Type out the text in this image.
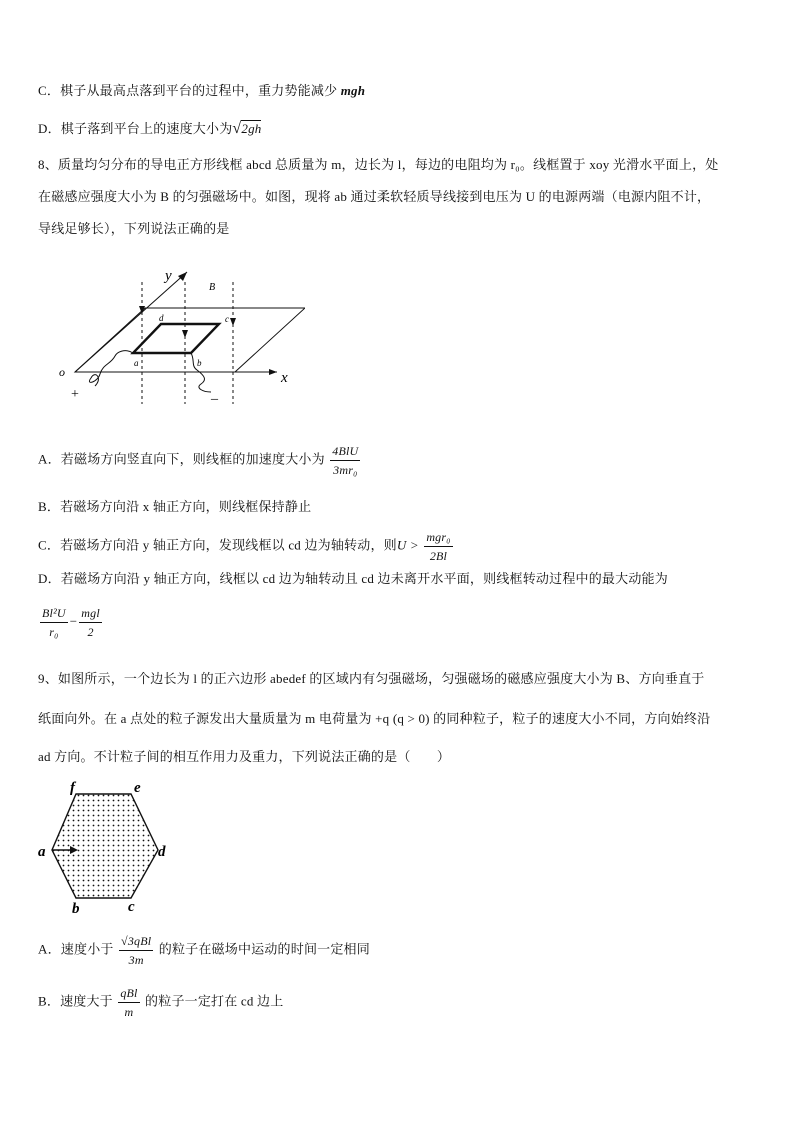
C．棋子从最高点落到平台的过程中，重力势能减少 mgh
D．棋子落到平台上的速度大小为√2gh
8、质量均匀分布的导电正方形线框 abcd 总质量为 m，边长为 l，每边的电阻均为 r₀。线框置于 xoy 光滑水平面上，处
在磁感应强度大小为 B 的匀强磁场中。如图，现将 ab 通过柔软轻质导线接到电压为 U 的电源两端（电源内阻不计，
导线足够长），下列说法正确的是
y
B
a	b
c
d
o	x
+	_
A．若磁场方向竖直向下，则线框的加速度大小为 $\frac{\text{4BlU}}{\text{3mr₀}}$
B．若磁场方向沿 x 轴正方向，则线框保持静止
C．若磁场方向沿 y 轴正方向，发现线框以 cd 边为轴转动，则$U > \frac{\text{mgr₀}}{2Bl}$
D．若磁场方向沿 y 轴正方向，线框以 cd 边为轴转动且 cd 边未离开水平面，则线框转动过程中的最大动能为
$\frac{\text{Bl²U}}{\text{r₀}} - \frac{\text{mgl}}{2}$
9、如图所示，一个边长为 l 的正六边形 abedef 的区域内有匀强磁场，匀强磁场的磁感应强度大小为 B、方向垂直于
纸面向外。在 a 点处的粒子源发出大量质量为 m 电荷量为 +q (q > 0) 的同种粒子，粒子的速度大小不同，方向始终沿
ad 方向。不计粒子间的相互作用力及重力，下列说法正确的是（　　）
f	e
a	d
b	c
A．速度小于 $\frac{\text{√3qBl}}{3m}$ 的粒子在磁场中运动的时间一定相同
B．速度大于 $\frac{\text{qBl}}{m}$ 的粒子一定打在 cd 边上
